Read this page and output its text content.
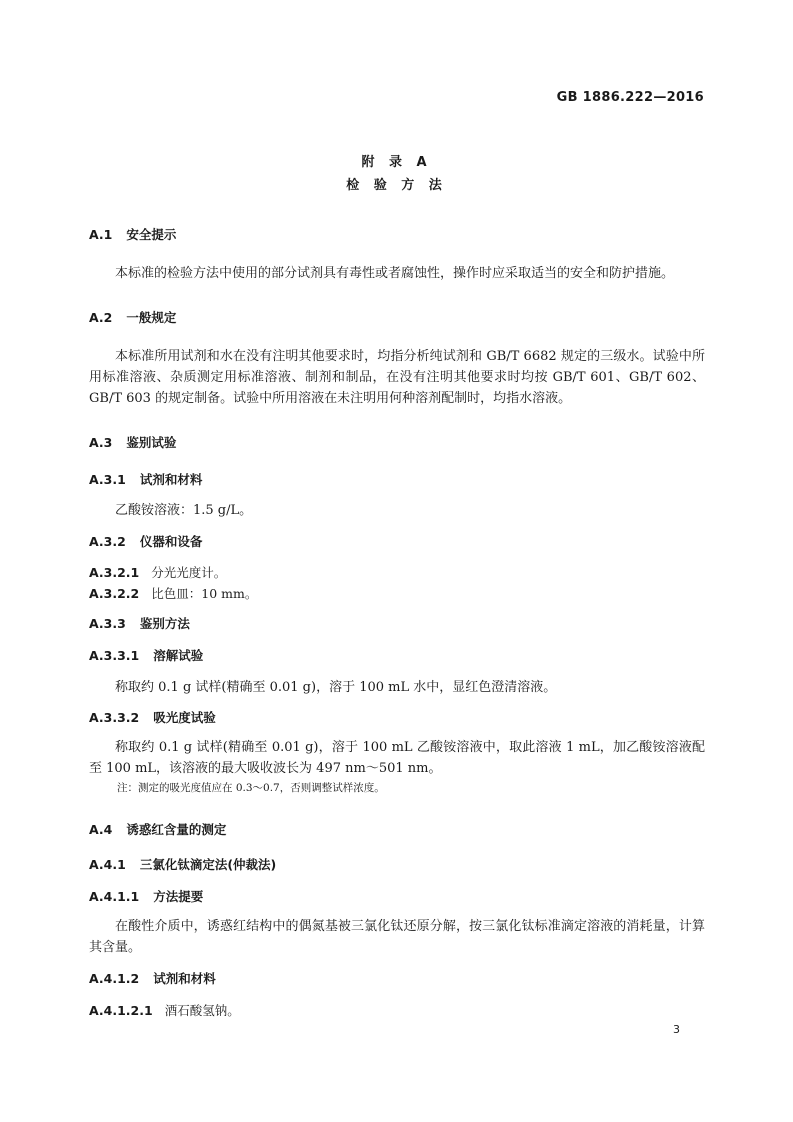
GB 1886.222—2016
附 录 A
检 验 方 法
A.1 安全提示
本标准的检验方法中使用的部分试剂具有毒性或者腐蚀性，操作时应采取适当的安全和防护措施。
A.2 一般规定
本标准所用试剂和水在没有注明其他要求时，均指分析纯试剂和 GB/T 6682 规定的三级水。试验中所用标准溶液、杂质测定用标准溶液、制剂和制品，在没有注明其他要求时均按 GB/T 601、GB/T 602、GB/T 603 的规定制备。试验中所用溶液在未注明用何种溶剂配制时，均指水溶液。
A.3 鉴别试验
A.3.1 试剂和材料
乙酸铵溶液：1.5 g/L。
A.3.2 仪器和设备
A.3.2.1 分光光度计。
A.3.2.2 比色皿：10 mm。
A.3.3 鉴别方法
A.3.3.1 溶解试验
称取约 0.1 g 试样(精确至 0.01 g)，溶于 100 mL 水中，显红色澄清溶液。
A.3.3.2 吸光度试验
称取约 0.1 g 试样(精确至 0.01 g)，溶于 100 mL 乙酸铵溶液中，取此溶液 1 mL，加乙酸铵溶液配至 100 mL，该溶液的最大吸收波长为 497 nm～501 nm。
注：测定的吸光度值应在 0.3～0.7，否则调整试样浓度。
A.4 诱惑红含量的测定
A.4.1 三氯化钛滴定法(仲裁法)
A.4.1.1 方法提要
在酸性介质中，诱惑红结构中的偶氮基被三氯化钛还原分解，按三氯化钛标准滴定溶液的消耗量，计算其含量。
A.4.1.2 试剂和材料
A.4.1.2.1 酒石酸氢钠。
3
